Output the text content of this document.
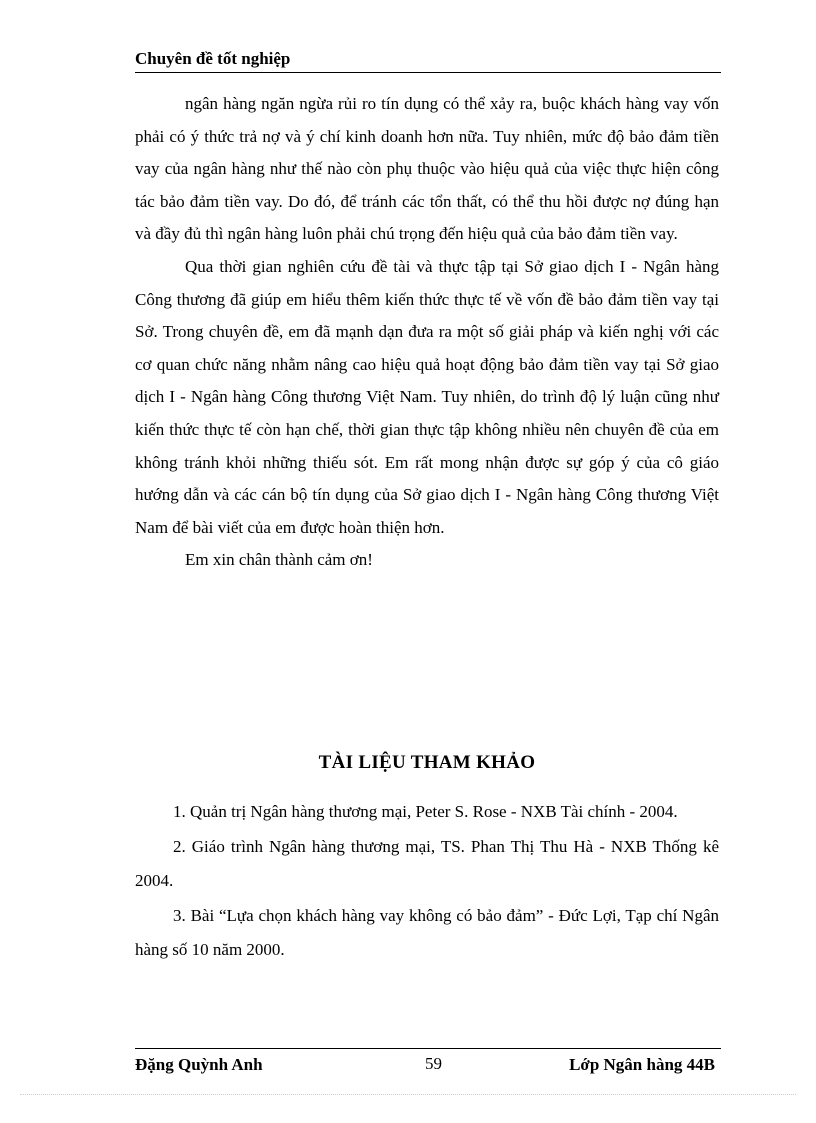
Chuyên đề tốt nghiệp

ngân hàng ngăn ngừa rủi ro tín dụng có thể xảy ra, buộc khách hàng vay vốn phải có ý thức trả nợ và ý chí kinh doanh hơn nữa. Tuy nhiên, mức độ bảo đảm tiền vay của ngân hàng như thế nào còn phụ thuộc vào hiệu quả của việc thực hiện công tác bảo đảm tiền vay. Do đó, để tránh các tổn thất, có thể thu hồi được nợ đúng hạn và đầy đủ thì ngân hàng luôn phải chú trọng đến hiệu quả của bảo đảm tiền vay.

Qua thời gian nghiên cứu đề tài và thực tập tại Sở giao dịch I - Ngân hàng Công thương đã giúp em hiểu thêm kiến thức thực tế về vốn đề bảo đảm tiền vay tại Sở. Trong chuyên đề, em đã mạnh dạn đưa ra một số giải pháp và kiến nghị với các cơ quan chức năng nhằm nâng cao hiệu quả hoạt động bảo đảm tiền vay tại Sở giao dịch I - Ngân hàng Công thương Việt Nam. Tuy nhiên, do trình độ lý luận cũng như kiến thức thực tế còn hạn chế, thời gian thực tập không nhiều nên chuyên đề của em không tránh khỏi những thiếu sót. Em rất mong nhận được sự góp ý của cô giáo hướng dẫn và các cán bộ tín dụng của Sở giao dịch I - Ngân hàng Công thương Việt Nam để bài viết của em được hoàn thiện hơn.

Em xin chân thành cảm ơn!

TÀI LIỆU THAM KHẢO

1. Quản trị Ngân hàng thương mại, Peter S. Rose - NXB Tài chính - 2004.

2. Giáo trình Ngân hàng thương mại, TS. Phan Thị Thu Hà - NXB Thống kê 2004.

3. Bài “Lựa chọn khách hàng vay không có bảo đảm” - Đức Lợi, Tạp chí Ngân hàng số 10 năm 2000.

Đặng Quỳnh Anh	59	Lớp Ngân hàng 44B
